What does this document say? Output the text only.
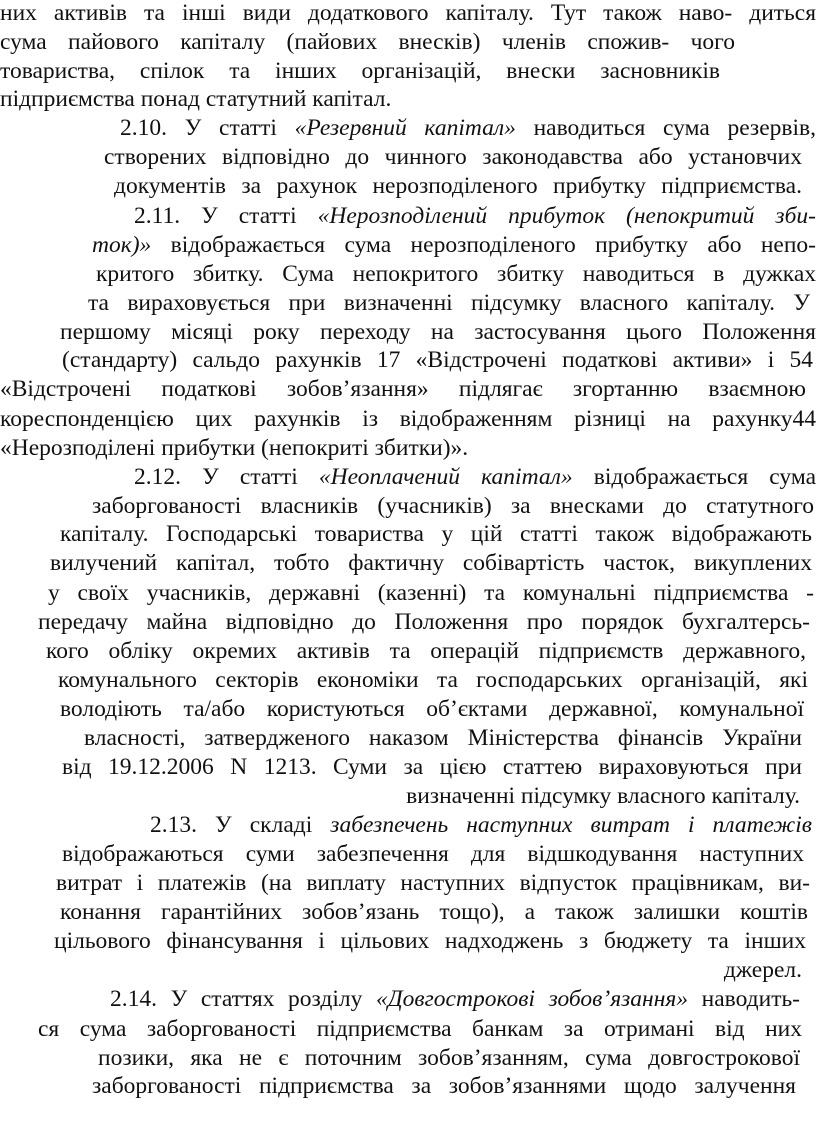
них активів та інші види додаткового капіталу. Тут також наво- диться
сума пайового капіталу (пайових внесків) членів спожив- чого
товариства, спілок та інших організацій, внески засновників
підприємства понад статутний капітал.
2.10. У статті «Резервний капітал» наводиться сума резервів,
створених відповідно до чинного законодавства або установчих
документів за рахунок нерозподіленого прибутку підприємства.
2.11. У статті «Нерозподілений прибуток (непокритий зби-
ток)» відображається сума нерозподіленого прибутку або непо-
критого збитку. Сума непокритого збитку наводиться в дужках
та вираховується при визначенні підсумку власного капіталу. У
першому місяці року переходу на застосування цього Положення
(стандарту) сальдо рахунків 17 «Відстрочені податкові активи» і 54
«Відстрочені податкові зобов’язання» підлягає згортанню взаємною
кореспонденцією цих рахунків із відображенням різниці на рахунку44
«Нерозподілені прибутки (непокриті збитки)».
2.12. У статті «Неоплачений капітал» відображається сума
заборгованості власників (учасників) за внесками до статутного
капіталу. Господарські товариства у цій статті також відображають
вилучений капітал, тобто фактичну собівартість часток, викуплених
у своїх учасників, державні (казенні) та комунальні підприємства -
передачу майна відповідно до Положення про порядок бухгалтерсь-
кого обліку окремих активів та операцій підприємств державного,
комунального секторів економіки та господарських організацій, які
володіють та/або користуються об’єктами державної, комунальної
власності, затвердженого наказом Міністерства фінансів України
від 19.12.2006 N 1213. Суми за цією статтею вираховуються при
визначенні підсумку власного капіталу.
2.13. У складі забезпечень наступних витрат і платежів
відображаються суми забезпечення для відшкодування наступних
витрат і платежів (на виплату наступних відпусток працівникам, ви-
конання гарантійних зобов’язань тощо), а також залишки коштів
цільового фінансування і цільових надходжень з бюджету та інших
джерел.
2.14. У статтях розділу «Довгострокові зобов’язання» наводить-
ся сума заборгованості підприємства банкам за отримані від них
позики, яка не є поточним зобов’язанням, сума довгострокової
заборгованості підприємства за зобов’язаннями щодо залучення
